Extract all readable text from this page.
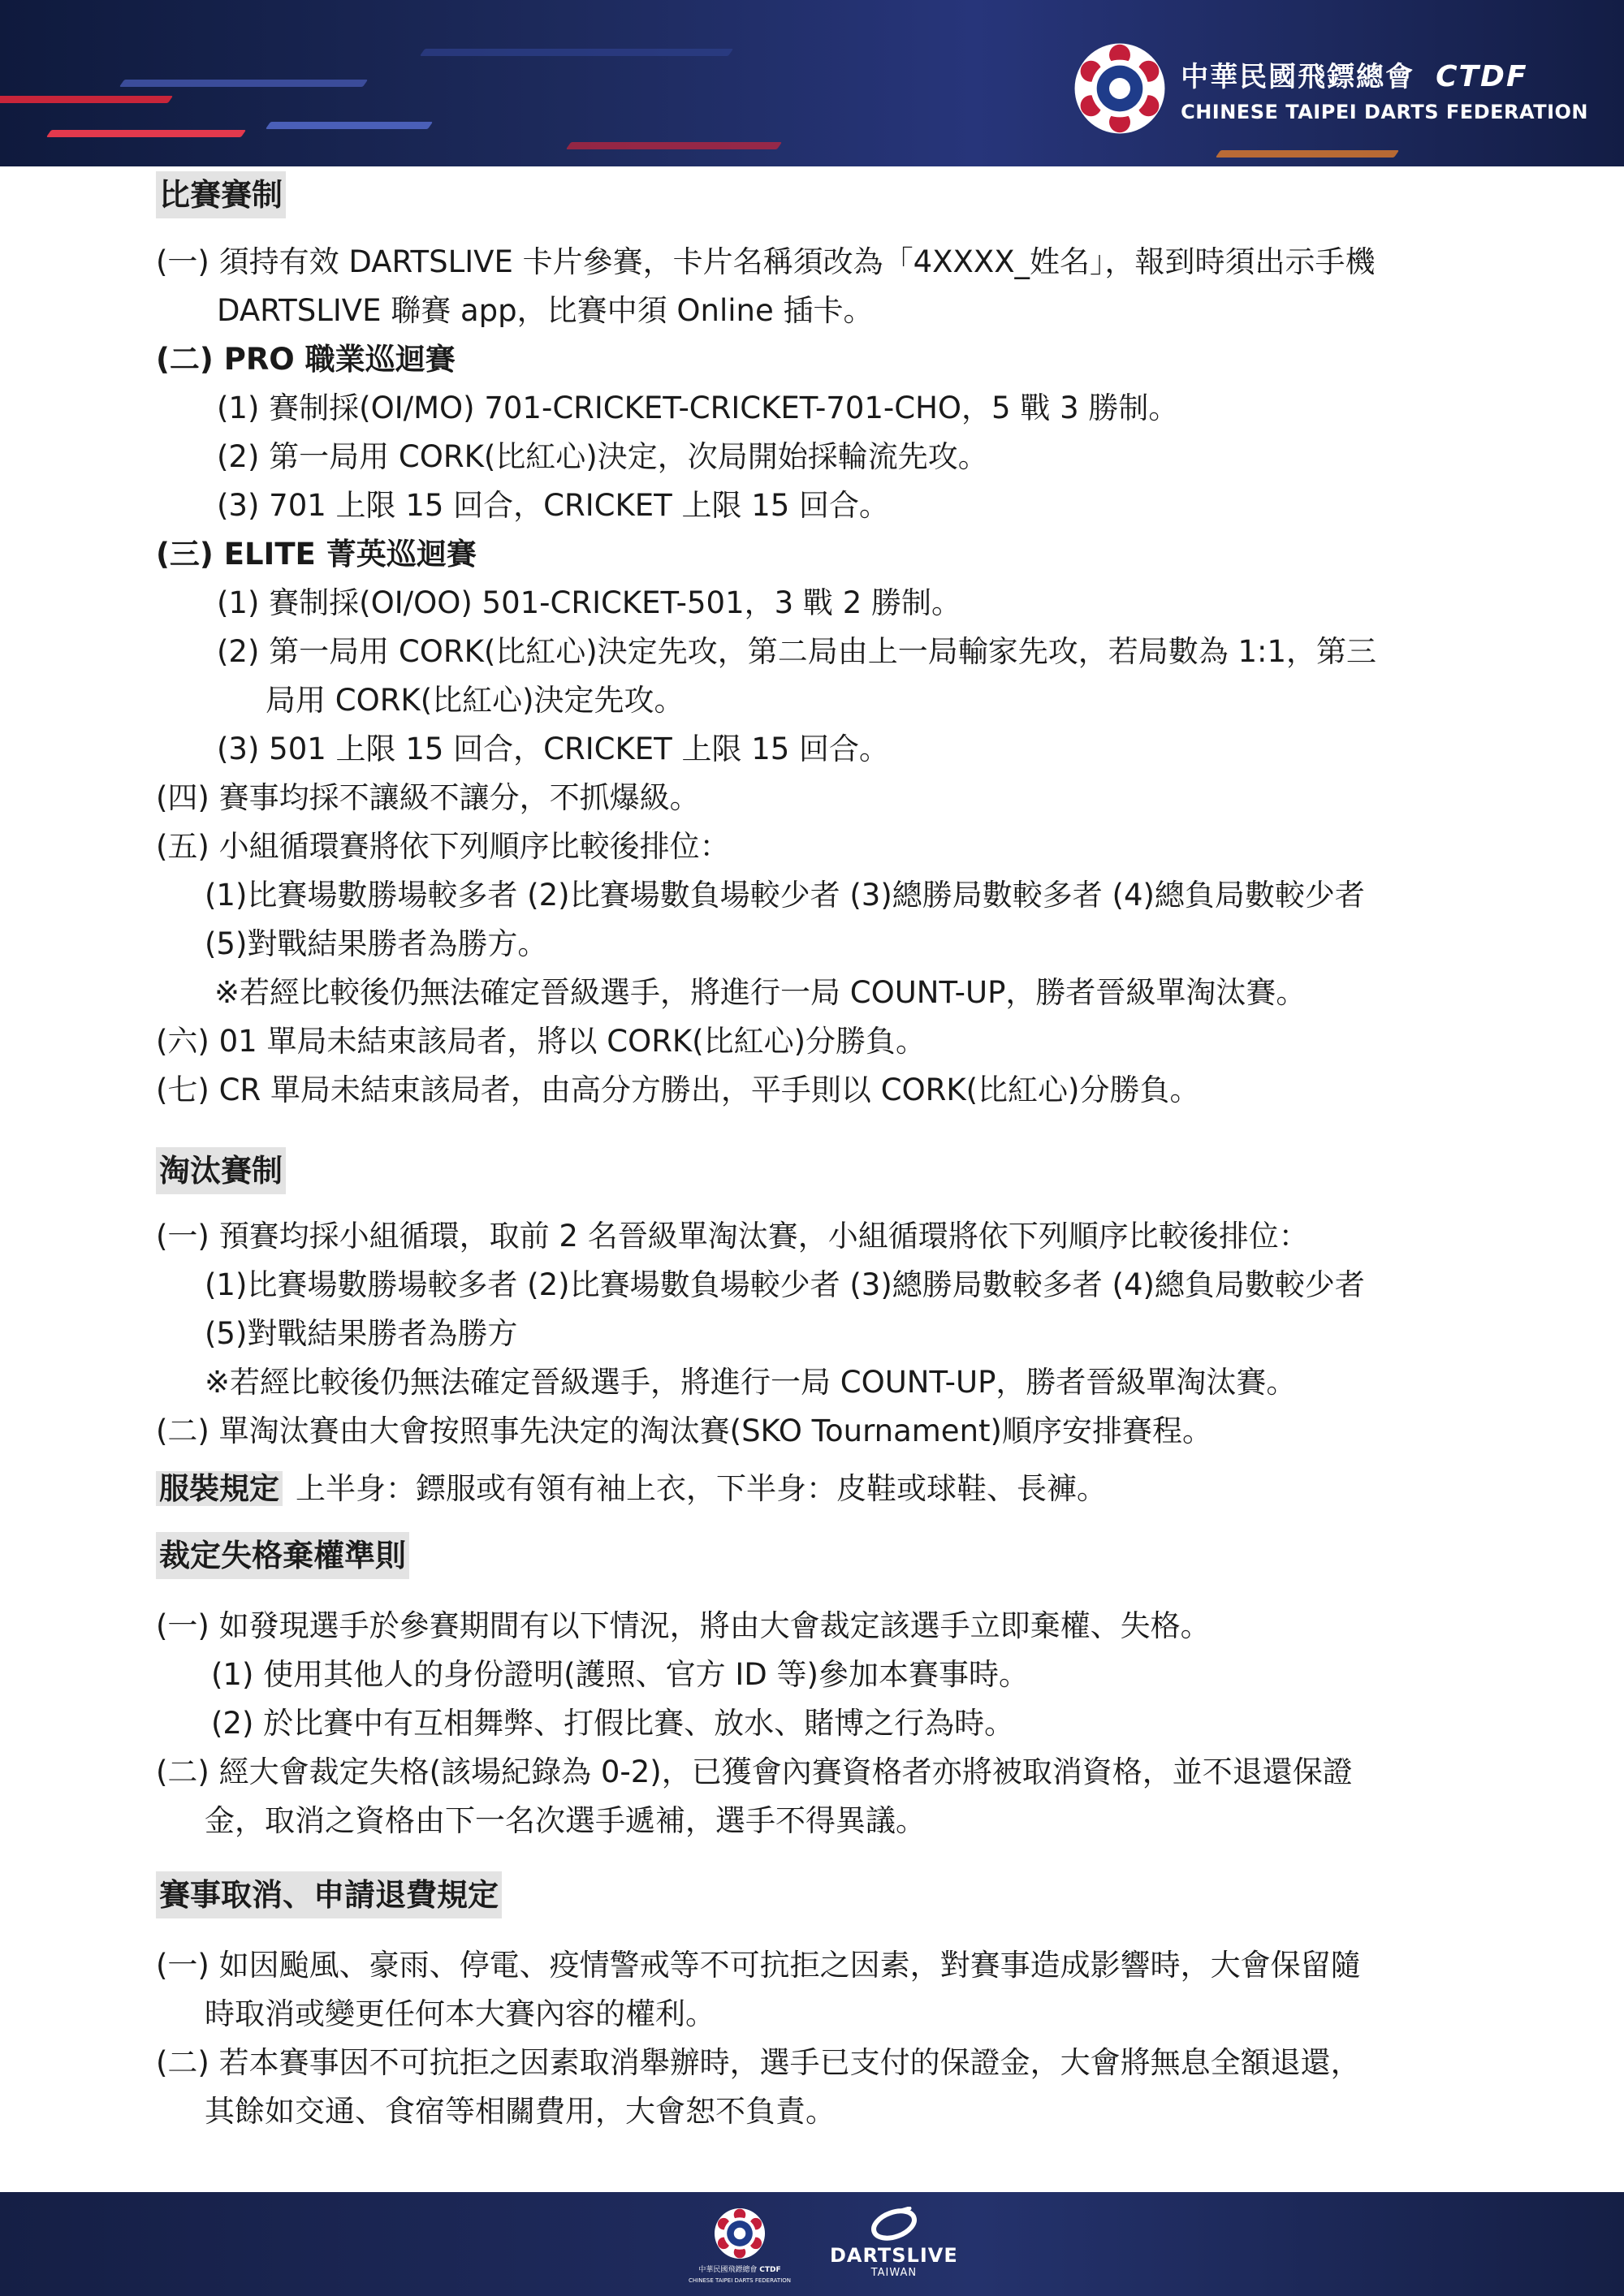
中華民國飛鏢總會 CTDF
CHINESE TAIPEI DARTS FEDERATION
比賽賽制
(一) 須持有效 DARTSLIVE 卡片參賽，卡片名稱須改為「4XXXX_姓名」，報到時須出示手機
DARTSLIVE 聯賽 app，比賽中須 Online 插卡。
(二) PRO 職業巡迴賽
(1) 賽制採(OI/MO) 701-CRICKET-CRICKET-701-CHO，5 戰 3 勝制。
(2) 第一局用 CORK(比紅心)決定，次局開始採輪流先攻。
(3) 701 上限 15 回合，CRICKET 上限 15 回合。
(三) ELITE 菁英巡迴賽
(1) 賽制採(OI/OO) 501-CRICKET-501，3 戰 2 勝制。
(2) 第一局用 CORK(比紅心)決定先攻，第二局由上一局輸家先攻，若局數為 1:1，第三
局用 CORK(比紅心)決定先攻。
(3) 501 上限 15 回合，CRICKET 上限 15 回合。
(四) 賽事均採不讓級不讓分，不抓爆級。
(五) 小組循環賽將依下列順序比較後排位：
(1)比賽場數勝場較多者 (2)比賽場數負場較少者 (3)總勝局數較多者 (4)總負局數較少者
(5)對戰結果勝者為勝方。
※若經比較後仍無法確定晉級選手，將進行一局 COUNT-UP，勝者晉級單淘汰賽。
(六) 01 單局未結束該局者，將以 CORK(比紅心)分勝負。
(七) CR 單局未結束該局者，由高分方勝出，平手則以 CORK(比紅心)分勝負。
淘汰賽制
(一) 預賽均採小組循環，取前 2 名晉級單淘汰賽，小組循環將依下列順序比較後排位：
(1)比賽場數勝場較多者 (2)比賽場數負場較少者 (3)總勝局數較多者 (4)總負局數較少者
(5)對戰結果勝者為勝方
※若經比較後仍無法確定晉級選手，將進行一局 COUNT-UP，勝者晉級單淘汰賽。
(二) 單淘汰賽由大會按照事先決定的淘汰賽(SKO Tournament)順序安排賽程。
服裝規定 上半身：鏢服或有領有袖上衣，下半身：皮鞋或球鞋、長褲。
裁定失格棄權準則
(一) 如發現選手於參賽期間有以下情況，將由大會裁定該選手立即棄權、失格。
(1) 使用其他人的身份證明(護照、官方 ID 等)參加本賽事時。
(2) 於比賽中有互相舞弊、打假比賽、放水、賭博之行為時。
(二) 經大會裁定失格(該場紀錄為 0-2)，已獲會內賽資格者亦將被取消資格，並不退還保證
金，取消之資格由下一名次選手遞補，選手不得異議。
賽事取消、申請退費規定
(一) 如因颱風、豪雨、停電、疫情警戒等不可抗拒之因素，對賽事造成影響時，大會保留隨
時取消或變更任何本大賽內容的權利。
(二) 若本賽事因不可抗拒之因素取消舉辦時，選手已支付的保證金，大會將無息全額退還，
其餘如交通、食宿等相關費用，大會恕不負責。
中華民國飛鏢總會 CTDF
CHINESE TAIPEI DARTS FEDERATION
DARTSLIVE
TAIWAN
